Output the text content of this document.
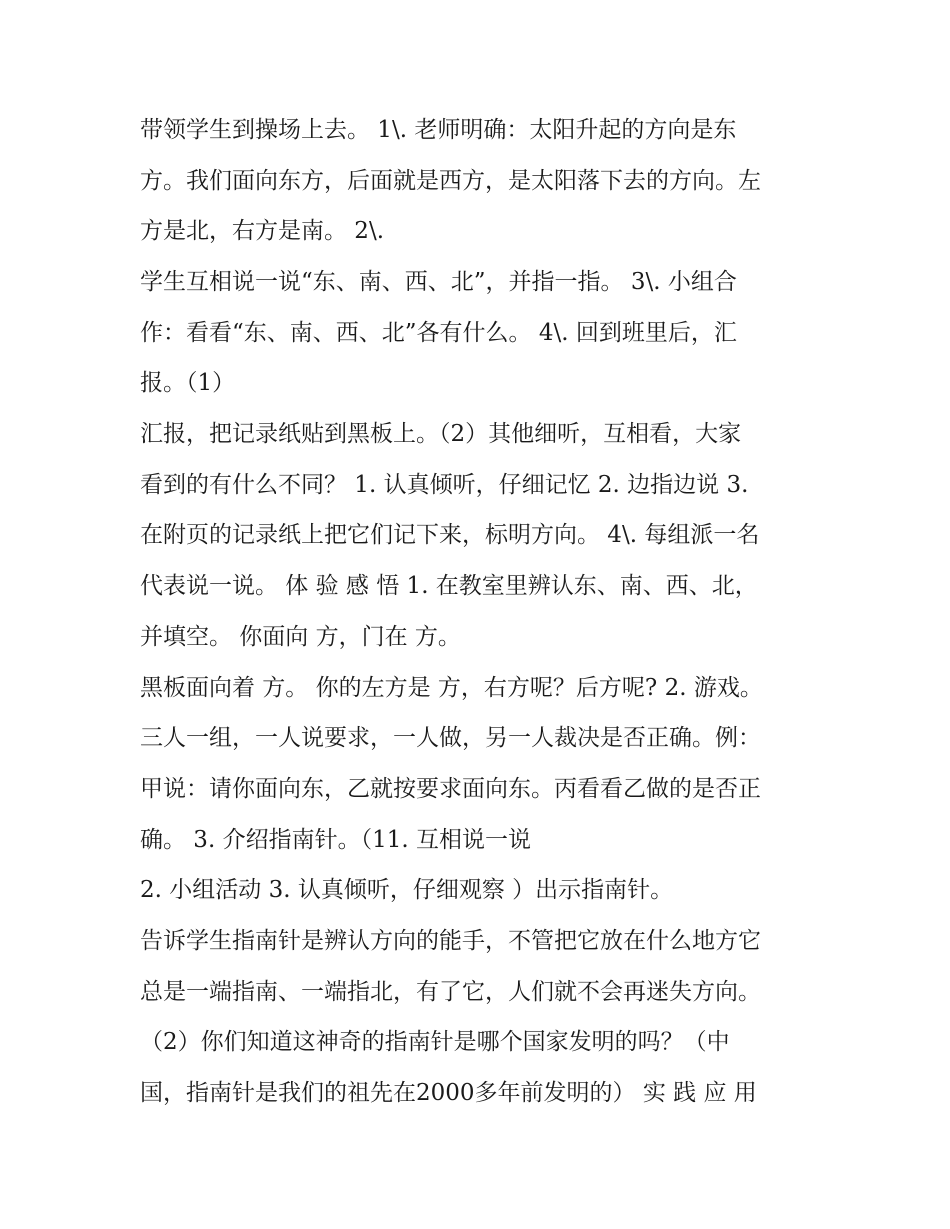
带领学生到操场上去。 1\. 老师明确：太阳升起的方向是东
方。我们面向东方，后面就是西方，是太阳落下去的方向。左
方是北，右方是南。 2\.
学生互相说一说“东、南、西、北”，并指一指。 3\. 小组合
作：看看“东、南、西、北”各有什么。 4\. 回到班里后，汇
报。（1）
汇报，把记录纸贴到黑板上。（2）其他细听，互相看，大家
看到的有什么不同？ 1. 认真倾听，仔细记忆 2. 边指边说 3.
在附页的记录纸上把它们记下来，标明方向。 4\. 每组派一名
代表说一说。 体 验 感 悟 1. 在教室里辨认东、南、西、北，
并填空。 你面向 方，门在 方。
黑板面向着 方。 你的左方是 方，右方呢？后方呢? 2. 游戏。
三人一组，一人说要求，一人做，另一人裁决是否正确。例：
甲说：请你面向东，乙就按要求面向东。丙看看乙做的是否正
确。 3. 介绍指南针。（11. 互相说一说
2. 小组活动 3. 认真倾听，仔细观察 ）出示指南针。
告诉学生指南针是辨认方向的能手，不管把它放在什么地方它
总是一端指南、一端指北，有了它，人们就不会再迷失方向。
（2）你们知道这神奇的指南针是哪个国家发明的吗？（中
国，指南针是我们的祖先在2000多年前发明的） 实 践 应 用
